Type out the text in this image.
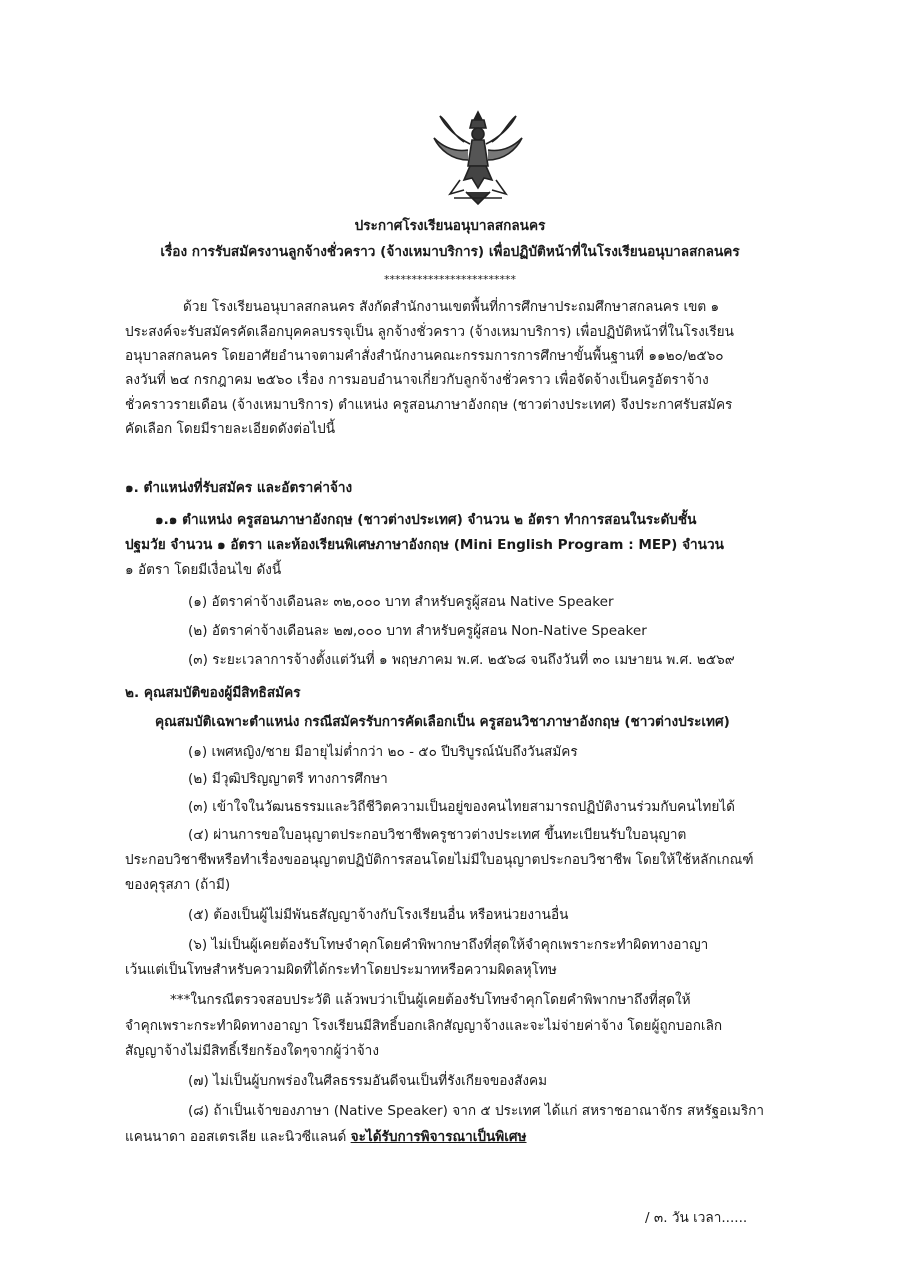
ประกาศโรงเรียนอนุบาลสกลนคร
เรื่อง การรับสมัครงานลูกจ้างชั่วคราว (จ้างเหมาบริการ) เพื่อปฏิบัติหน้าที่ในโรงเรียนอนุบาลสกลนคร
************************
ด้วย โรงเรียนอนุบาลสกลนคร สังกัดสำนักงานเขตพื้นที่การศึกษาประถมศึกษาสกลนคร เขต ๑
ประสงค์จะรับสมัครคัดเลือกบุคคลบรรจุเป็น ลูกจ้างชั่วคราว (จ้างเหมาบริการ) เพื่อปฏิบัติหน้าที่ในโรงเรียน
อนุบาลสกลนคร โดยอาศัยอำนาจตามคำสั่งสำนักงานคณะกรรมการการศึกษาขั้นพื้นฐานที่ ๑๑๒๐/๒๕๖๐
ลงวันที่ ๒๔ กรกฎาคม ๒๕๖๐ เรื่อง การมอบอำนาจเกี่ยวกับลูกจ้างชั่วคราว เพื่อจัดจ้างเป็นครูอัตราจ้าง
ชั่วคราวรายเดือน (จ้างเหมาบริการ) ตำแหน่ง ครูสอนภาษาอังกฤษ (ชาวต่างประเทศ) จึงประกาศรับสมัคร
คัดเลือก โดยมีรายละเอียดดังต่อไปนี้
๑. ตำแหน่งที่รับสมัคร และอัตราค่าจ้าง
๑.๑ ตำแหน่ง ครูสอนภาษาอังกฤษ (ชาวต่างประเทศ) จำนวน ๒ อัตรา ทำการสอนในระดับชั้น
ปฐมวัย จำนวน ๑ อัตรา และห้องเรียนพิเศษภาษาอังกฤษ (Mini English Program : MEP) จำนวน
๑ อัตรา โดยมีเงื่อนไข ดังนี้
(๑) อัตราค่าจ้างเดือนละ ๓๒,๐๐๐ บาท สำหรับครูผู้สอน Native Speaker
(๒) อัตราค่าจ้างเดือนละ ๒๗,๐๐๐ บาท สำหรับครูผู้สอน Non-Native Speaker
(๓) ระยะเวลาการจ้างตั้งแต่วันที่ ๑ พฤษภาคม พ.ศ. ๒๕๖๘ จนถึงวันที่ ๓๐ เมษายน พ.ศ. ๒๕๖๙
๒. คุณสมบัติของผู้มีสิทธิสมัคร
คุณสมบัติเฉพาะตำแหน่ง กรณีสมัครรับการคัดเลือกเป็น ครูสอนวิชาภาษาอังกฤษ (ชาวต่างประเทศ)
(๑) เพศหญิง/ชาย มีอายุไม่ต่ำกว่า ๒๐ - ๕๐ ปีบริบูรณ์นับถึงวันสมัคร
(๒) มีวุฒิปริญญาตรี ทางการศึกษา
(๓) เข้าใจในวัฒนธรรมและวิถีชีวิตความเป็นอยู่ของคนไทยสามารถปฏิบัติงานร่วมกับคนไทยได้
(๔) ผ่านการขอใบอนุญาตประกอบวิชาชีพครูชาวต่างประเทศ ขึ้นทะเบียนรับใบอนุญาต
ประกอบวิชาชีพหรือทำเรื่องขออนุญาตปฏิบัติการสอนโดยไม่มีใบอนุญาตประกอบวิชาชีพ โดยให้ใช้หลักเกณฑ์
ของคุรุสภา (ถ้ามี)
(๕) ต้องเป็นผู้ไม่มีพันธสัญญาจ้างกับโรงเรียนอื่น หรือหน่วยงานอื่น
(๖) ไม่เป็นผู้เคยต้องรับโทษจำคุกโดยคำพิพากษาถึงที่สุดให้จำคุกเพราะกระทำผิดทางอาญา
เว้นแต่เป็นโทษสำหรับความผิดที่ได้กระทำโดยประมาทหรือความผิดลหุโทษ
***ในกรณีตรวจสอบประวัติ แล้วพบว่าเป็นผู้เคยต้องรับโทษจำคุกโดยคำพิพากษาถึงที่สุดให้
จำคุกเพราะกระทำผิดทางอาญา โรงเรียนมีสิทธิ์บอกเลิกสัญญาจ้างและจะไม่จ่ายค่าจ้าง โดยผู้ถูกบอกเลิก
สัญญาจ้างไม่มีสิทธิ์เรียกร้องใดๆจากผู้ว่าจ้าง
(๗) ไม่เป็นผู้บกพร่องในศีลธรรมอันดีจนเป็นที่รังเกียจของสังคม
(๘) ถ้าเป็นเจ้าของภาษา (Native Speaker) จาก ๕ ประเทศ ได้แก่ สหราชอาณาจักร สหรัฐอเมริกา
แคนนาดา ออสเตรเลีย และนิวซีแลนด์ จะได้รับการพิจารณาเป็นพิเศษ
/ ๓. วัน เวลา......
